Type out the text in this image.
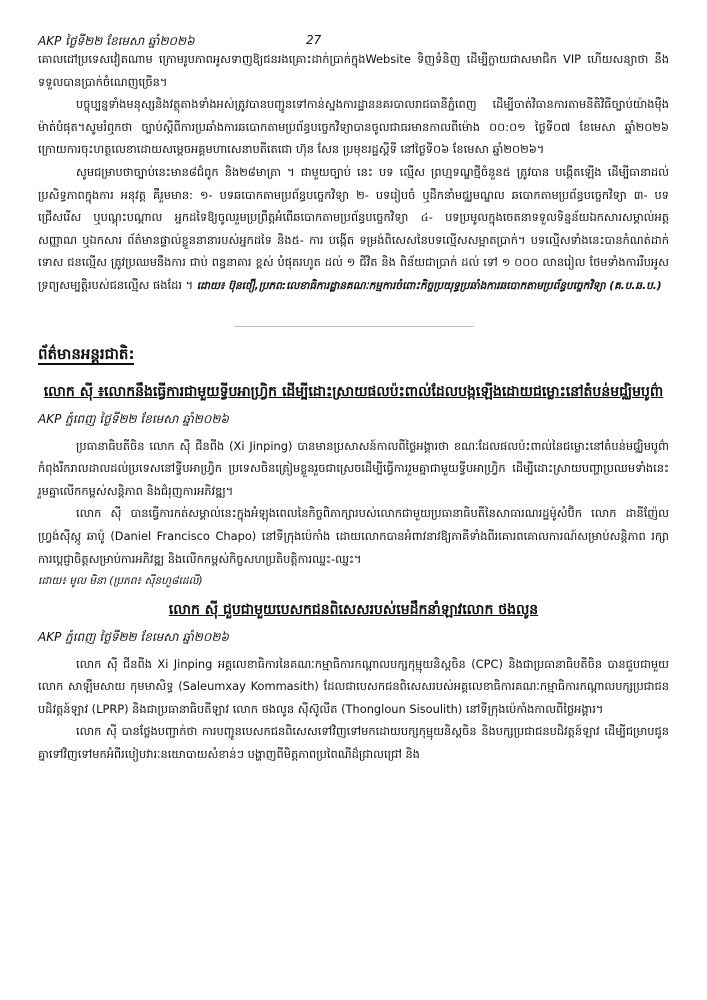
AKP ថ្ងៃទី២២ ខែមេសា ឆ្នាំ២០២៦	27

គោលដៅប្រទេសវៀតណាម ក្រោមរូបភាពអូសទាញឱ្យជនរងគ្រោះដាក់ប្រាក់ក្នុងWebsite ទិញទំនិញ ដើម្បីក្លាយជាសមាជិក VIP ហើយសន្យាថា នឹងទទួលបានប្រាក់ចំណេញច្រើន។

បច្ចុប្បន្នទាំងមនុស្សនិងវត្ថុតាងទាំងអស់ត្រូវបានបញ្ជូនទៅកាន់ស្នងការដ្ឋាននគរបាលរាជធានីភ្នំពេញ ដើម្បីចាត់វិធានការតាមនីតិវិធីច្បាប់យ៉ាងម៉ឺងម៉ាត់បំផុត។សូមរំឮកថា ច្បាប់ស្តីពីការប្រឆាំងការឆបោកតាមប្រព័ន្ធបច្ចេកវិទ្យាបានចូលជាធរមានកាលពីម៉ោង ០០:០១ ថ្ងៃទី០៧ ខែមេសា ឆ្នាំ២០២៦ ក្រោយការចុះហត្ថលេខាដោយសម្តេចអគ្គមហាសេនាបតីតេជោ ហ៊ុន សែន ប្រមុខរដ្ឋស្តីទី នៅថ្ងៃទី០៦ ខែមេសា ឆ្នាំ២០២៦។

សូមជម្រាបថាច្បាប់នេះមាន៨ជំពូក និង២៨មាត្រា ។ ជាមួយច្បាប់ នេះ បទ ល្មើស ព្រហ្មទណ្ឌថ្មីចំនួន៥ ត្រូវបាន បង្កើតឡើង ដើម្បីធានាដល់ប្រសិទ្ធភាពក្នុងការ អនុវត្ត គឺរួមមាន: ១- បទឆបោកតាមប្រព័ន្ធបច្ចេកវិទ្យា ២- បទរៀបចំ ឬដឹកនាំមជ្ឈមណ្ឌល ឆបោកតាមប្រព័ន្ធបច្ចេកវិទ្យា ៣- បទជ្រើសរើស ឬបណ្តុះបណ្តាល អ្នកដទៃឱ្យចូលរួមប្រព្រឹត្តអំពើឆបោកតាមប្រព័ន្ធបច្ចេកវិទ្យា ៤- បទប្រមូលក្នុងចេតនាទទួលទិន្នន័យឯកសារសម្គាល់អត្តសញ្ញាណ ឬឯកសារ ព័ត៌មានផ្ទាល់ខ្លួននានារបស់អ្នកដទៃ និង៥- ការ បង្កើត ទម្រង់ពិសេសនៃបទល្មើសសម្អាតប្រាក់។ បទល្មើសទាំងនេះបានកំណត់ដាក់ទោស ជនល្មើស ត្រូវប្រឈមនឹងការ ជាប់ ពន្ធនាគារ ខ្ពស់ បំផុតរហូត ដល់ ១ ជីវិត និង ពិន័យជាប្រាក់ ដល់ ទៅ ១ ០០០ លានរៀល ថែមទាំងការរឹបអូសទ្រព្យសម្បត្តិរបស់ជនល្មើស ផងដែរ ។ ដោយ៖ ប៊ុនថឿ,ប្រភព:លេខាធិការដ្ឋានគណៈកម្មការចំពោះកិច្ចប្រយុទ្ធប្រឆាំងការឆបោកតាមប្រព័ន្ធបច្ចេកវិទ្យា (គ.ប.ឆ.ប.)

ព័ត៌មានអន្តរជាតិ:
លោក ស៊ី ៖លោកនឹងធ្វើការជាមួយទ្វីបអាហ្វ្រិក ដើម្បីដោះស្រាយផលប៉ះពាល់ដែលបង្កឡើងដោយជម្លោះនៅតំបន់មជ្ឈិមបូព៌ា
AKP ភ្នំពេញ ថ្ងៃទី២២ ខែមេសា ឆ្នាំ២០២៦

ប្រធានាធិបតីចិន លោក ស៊ី ជីនពីង (Xi Jinping) បានមានប្រសាសន៍កាលពីថ្ងៃអង្គារថា ខណៈដែលផលប៉ះពាល់នៃជម្លោះនៅតំបន់មជ្ឈិមបូព៌ាកំពុងរីករាលដាលដល់ប្រទេសនៅទ្វីបអាហ្វ្រិក ប្រទេសចិនត្រៀមខ្លួនរួចជាស្រេចដើម្បីធ្វើការរួមគ្នាជាមួយទ្វីបអាហ្វ្រិក ដើម្បីដោះស្រាយបញ្ហាប្រឈមទាំងនេះ រួមគ្នាលើកកម្ពស់សន្តិភាព និងជំរុញការអភិវឌ្ឍ។

លោក ស៊ី បានធ្វើការកត់សម្គាល់នេះក្នុងអំឡុងពេលនៃកិច្ចពិភាក្សារបស់លោកជាមួយប្រធានាធិបតីនៃសាធារណរដ្ឋម៉ូសំប៊ិក លោក ដានីញ៉ែល ហ្វ្រង់ស៊ីស្កូ ឆាប៉ូ (Daniel Francisco Chapo) នៅទីក្រុងប៉េកាំង ដោយលោកបានអំពាវនាវឱ្យភាគីទាំងពីរគោរពគោលការណ៍សម្រាប់សន្តិភាព រក្សាការប្តេជ្ញាចិត្តសម្រាប់ការអភិវឌ្ឍ និងលើកកម្ពស់កិច្ចសហប្រតិបត្តិការឈ្នះ-ឈ្នះ។

ដោយ៖ មូល មិនា (ប្រភព៖ ស៊ីនហួ៨ដេលី)

លោក ស៊ី ជួបជាមួយបេសកជនពិសេសរបស់មេដឹកនាំឡាវលោក ថងលូន
AKP ភ្នំពេញ ថ្ងៃទី២២ ខែមេសា ឆ្នាំ២០២៦

លោក ស៊ី ជីនពីង Xi Jinping អគ្គលេខាធិការនៃគណៈកម្មាធិការកណ្តាលបក្សកុម្មុយនិស្តចិន (CPC) និងជាប្រធានាធិបតីចិន បានជួបជាមួយលោក សាឡឹមសាយ កុមមាសិទ្ធ (Saleumxay Kommasith) ដែលជាបេសកជនពិសេសរបស់អគ្គលេខាធិការគណៈកម្មាធិការកណ្តាលបក្សប្រជាជនបដិវត្តន៍ឡាវ (LPRP) និងជាប្រធានាធិបតីឡាវ លោក ថងលូន ស៊ីស៊ូលីត (Thongloun Sisoulith) នៅទីក្រុងប៉េកាំងកាលពីថ្ងៃអង្គារ។

លោក ស៊ី បានថ្លែងបញ្ជាក់ថា ការបញ្ជូនបេសកជនពិសេសទៅវិញទៅមកដោយបក្សកុម្មុយនិស្តចិន និងបក្សប្រជាជនបដិវត្តន៍ឡាវ ដើម្បីជម្រាបជូនគ្នាទៅវិញទៅមកអំពីរបៀបវារៈនយោបាយសំខាន់ៗ បង្ហាញពីមិត្តភាពប្រពៃណីដ៏ជ្រាលជ្រៅ និង
